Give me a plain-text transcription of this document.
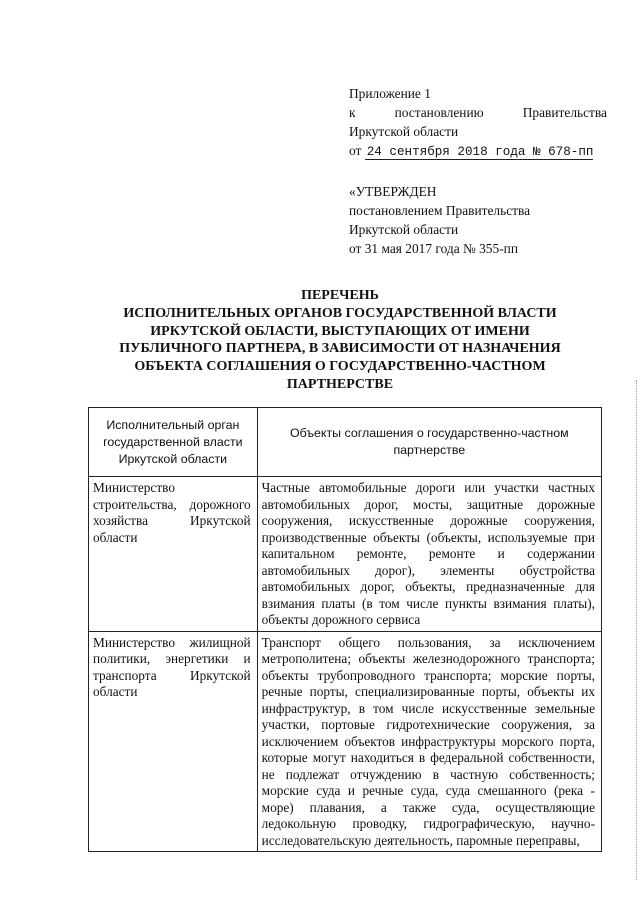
Приложение 1
к постановлению Правительства
Иркутской области
от 24 сентября 2018 года № 678-пп
«УТВЕРЖДЕН
постановлением Правительства
Иркутской области
от 31 мая 2017 года № 355-пп
ПЕРЕЧЕНЬ
ИСПОЛНИТЕЛЬНЫХ ОРГАНОВ ГОСУДАРСТВЕННОЙ ВЛАСТИ
ИРКУТСКОЙ ОБЛАСТИ, ВЫСТУПАЮЩИХ ОТ ИМЕНИ
ПУБЛИЧНОГО ПАРТНЕРА, В ЗАВИСИМОСТИ ОТ НАЗНАЧЕНИЯ
ОБЪЕКТА СОГЛАШЕНИЯ О ГОСУДАРСТВЕННО-ЧАСТНОМ
ПАРТНЕРСТВЕ
Исполнительный орган государственной власти Иркутской области	Объекты соглашения о государственно-частном партнерстве
Министерство строительства, дорожного хозяйства Иркутской области	Частные автомобильные дороги или участки частных автомобильных дорог, мосты, защитные дорожные сооружения, искусственные дорожные сооружения, производственные объекты (объекты, используемые при капитальном ремонте, ремонте и содержании автомобильных дорог), элементы обустройства автомобильных дорог, объекты, предназначенные для взимания платы (в том числе пункты взимания платы), объекты дорожного сервиса
Министерство жилищной политики, энергетики и транспорта Иркутской области	Транспорт общего пользования, за исключением метрополитена; объекты железнодорожного транспорта; объекты трубопроводного транспорта; морские порты, речные порты, специализированные порты, объекты их инфраструктур, в том числе искусственные земельные участки, портовые гидротехнические сооружения, за исключением объектов инфраструктуры морского порта, которые могут находиться в федеральной собственности, не подлежат отчуждению в частную собственность; морские суда и речные суда, суда смешанного (река - море) плавания, а также суда, осуществляющие ледокольную проводку, гидрографическую, научно-исследовательскую деятельность, паромные переправы,
